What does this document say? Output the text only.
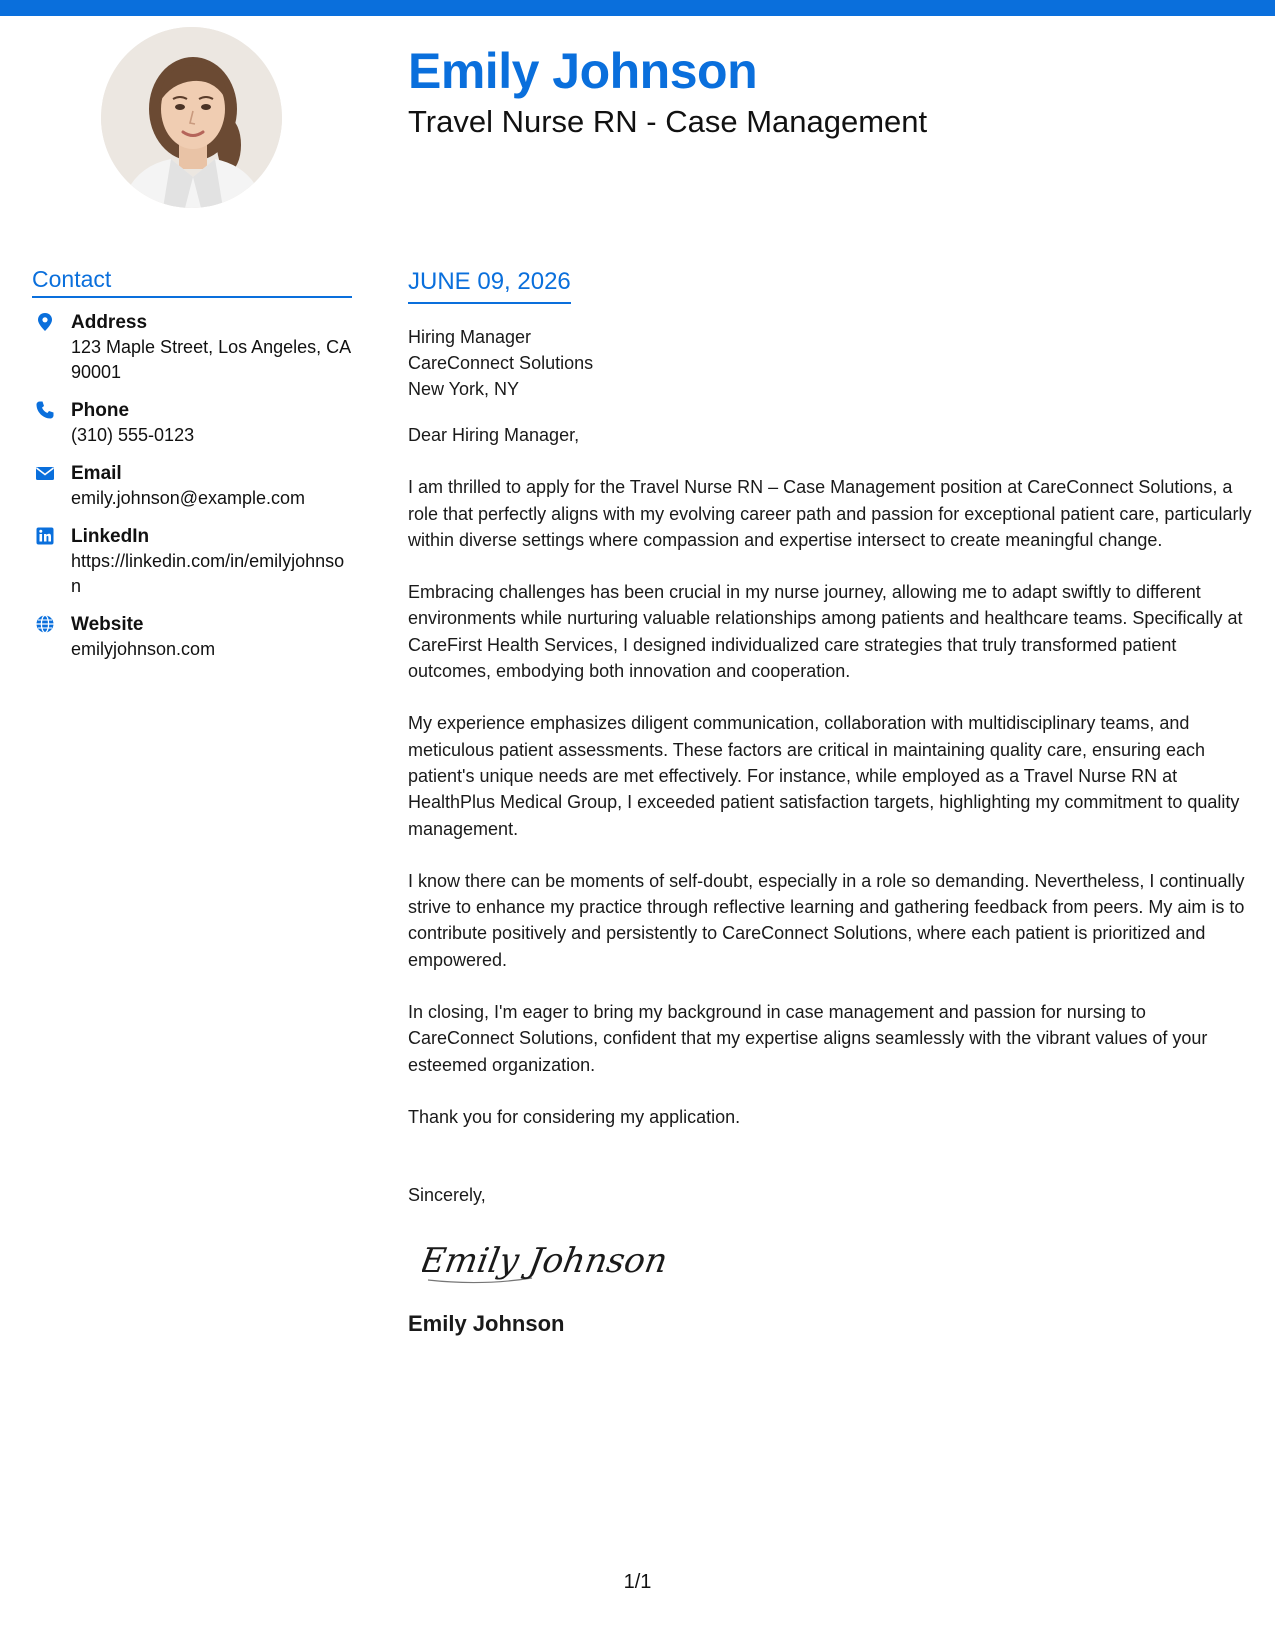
Emily Johnson
Travel Nurse RN - Case Management
Contact
Address
123 Maple Street, Los Angeles, CA 90001
Phone
(310) 555-0123
Email
emily.johnson@example.com
LinkedIn
https://linkedin.com/in/emilyjohnson
Website
emilyjohnson.com
JUNE 09, 2026
Hiring Manager
CareConnect Solutions
New York, NY

Dear Hiring Manager,

I am thrilled to apply for the Travel Nurse RN – Case Management position at CareConnect Solutions, a role that perfectly aligns with my evolving career path and passion for exceptional patient care, particularly within diverse settings where compassion and expertise intersect to create meaningful change.

Embracing challenges has been crucial in my nurse journey, allowing me to adapt swiftly to different environments while nurturing valuable relationships among patients and healthcare teams. Specifically at CareFirst Health Services, I designed individualized care strategies that truly transformed patient outcomes, embodying both innovation and cooperation.

My experience emphasizes diligent communication, collaboration with multidisciplinary teams, and meticulous patient assessments. These factors are critical in maintaining quality care, ensuring each patient's unique needs are met effectively. For instance, while employed as a Travel Nurse RN at HealthPlus Medical Group, I exceeded patient satisfaction targets, highlighting my commitment to quality management.

I know there can be moments of self-doubt, especially in a role so demanding. Nevertheless, I continually strive to enhance my practice through reflective learning and gathering feedback from peers. My aim is to contribute positively and persistently to CareConnect Solutions, where each patient is prioritized and empowered.

In closing, I'm eager to bring my background in case management and passion for nursing to CareConnect Solutions, confident that my expertise aligns seamlessly with the vibrant values of your esteemed organization.

Thank you for considering my application.

Sincerely,
Emily Johnson
Emily Johnson
1/1
